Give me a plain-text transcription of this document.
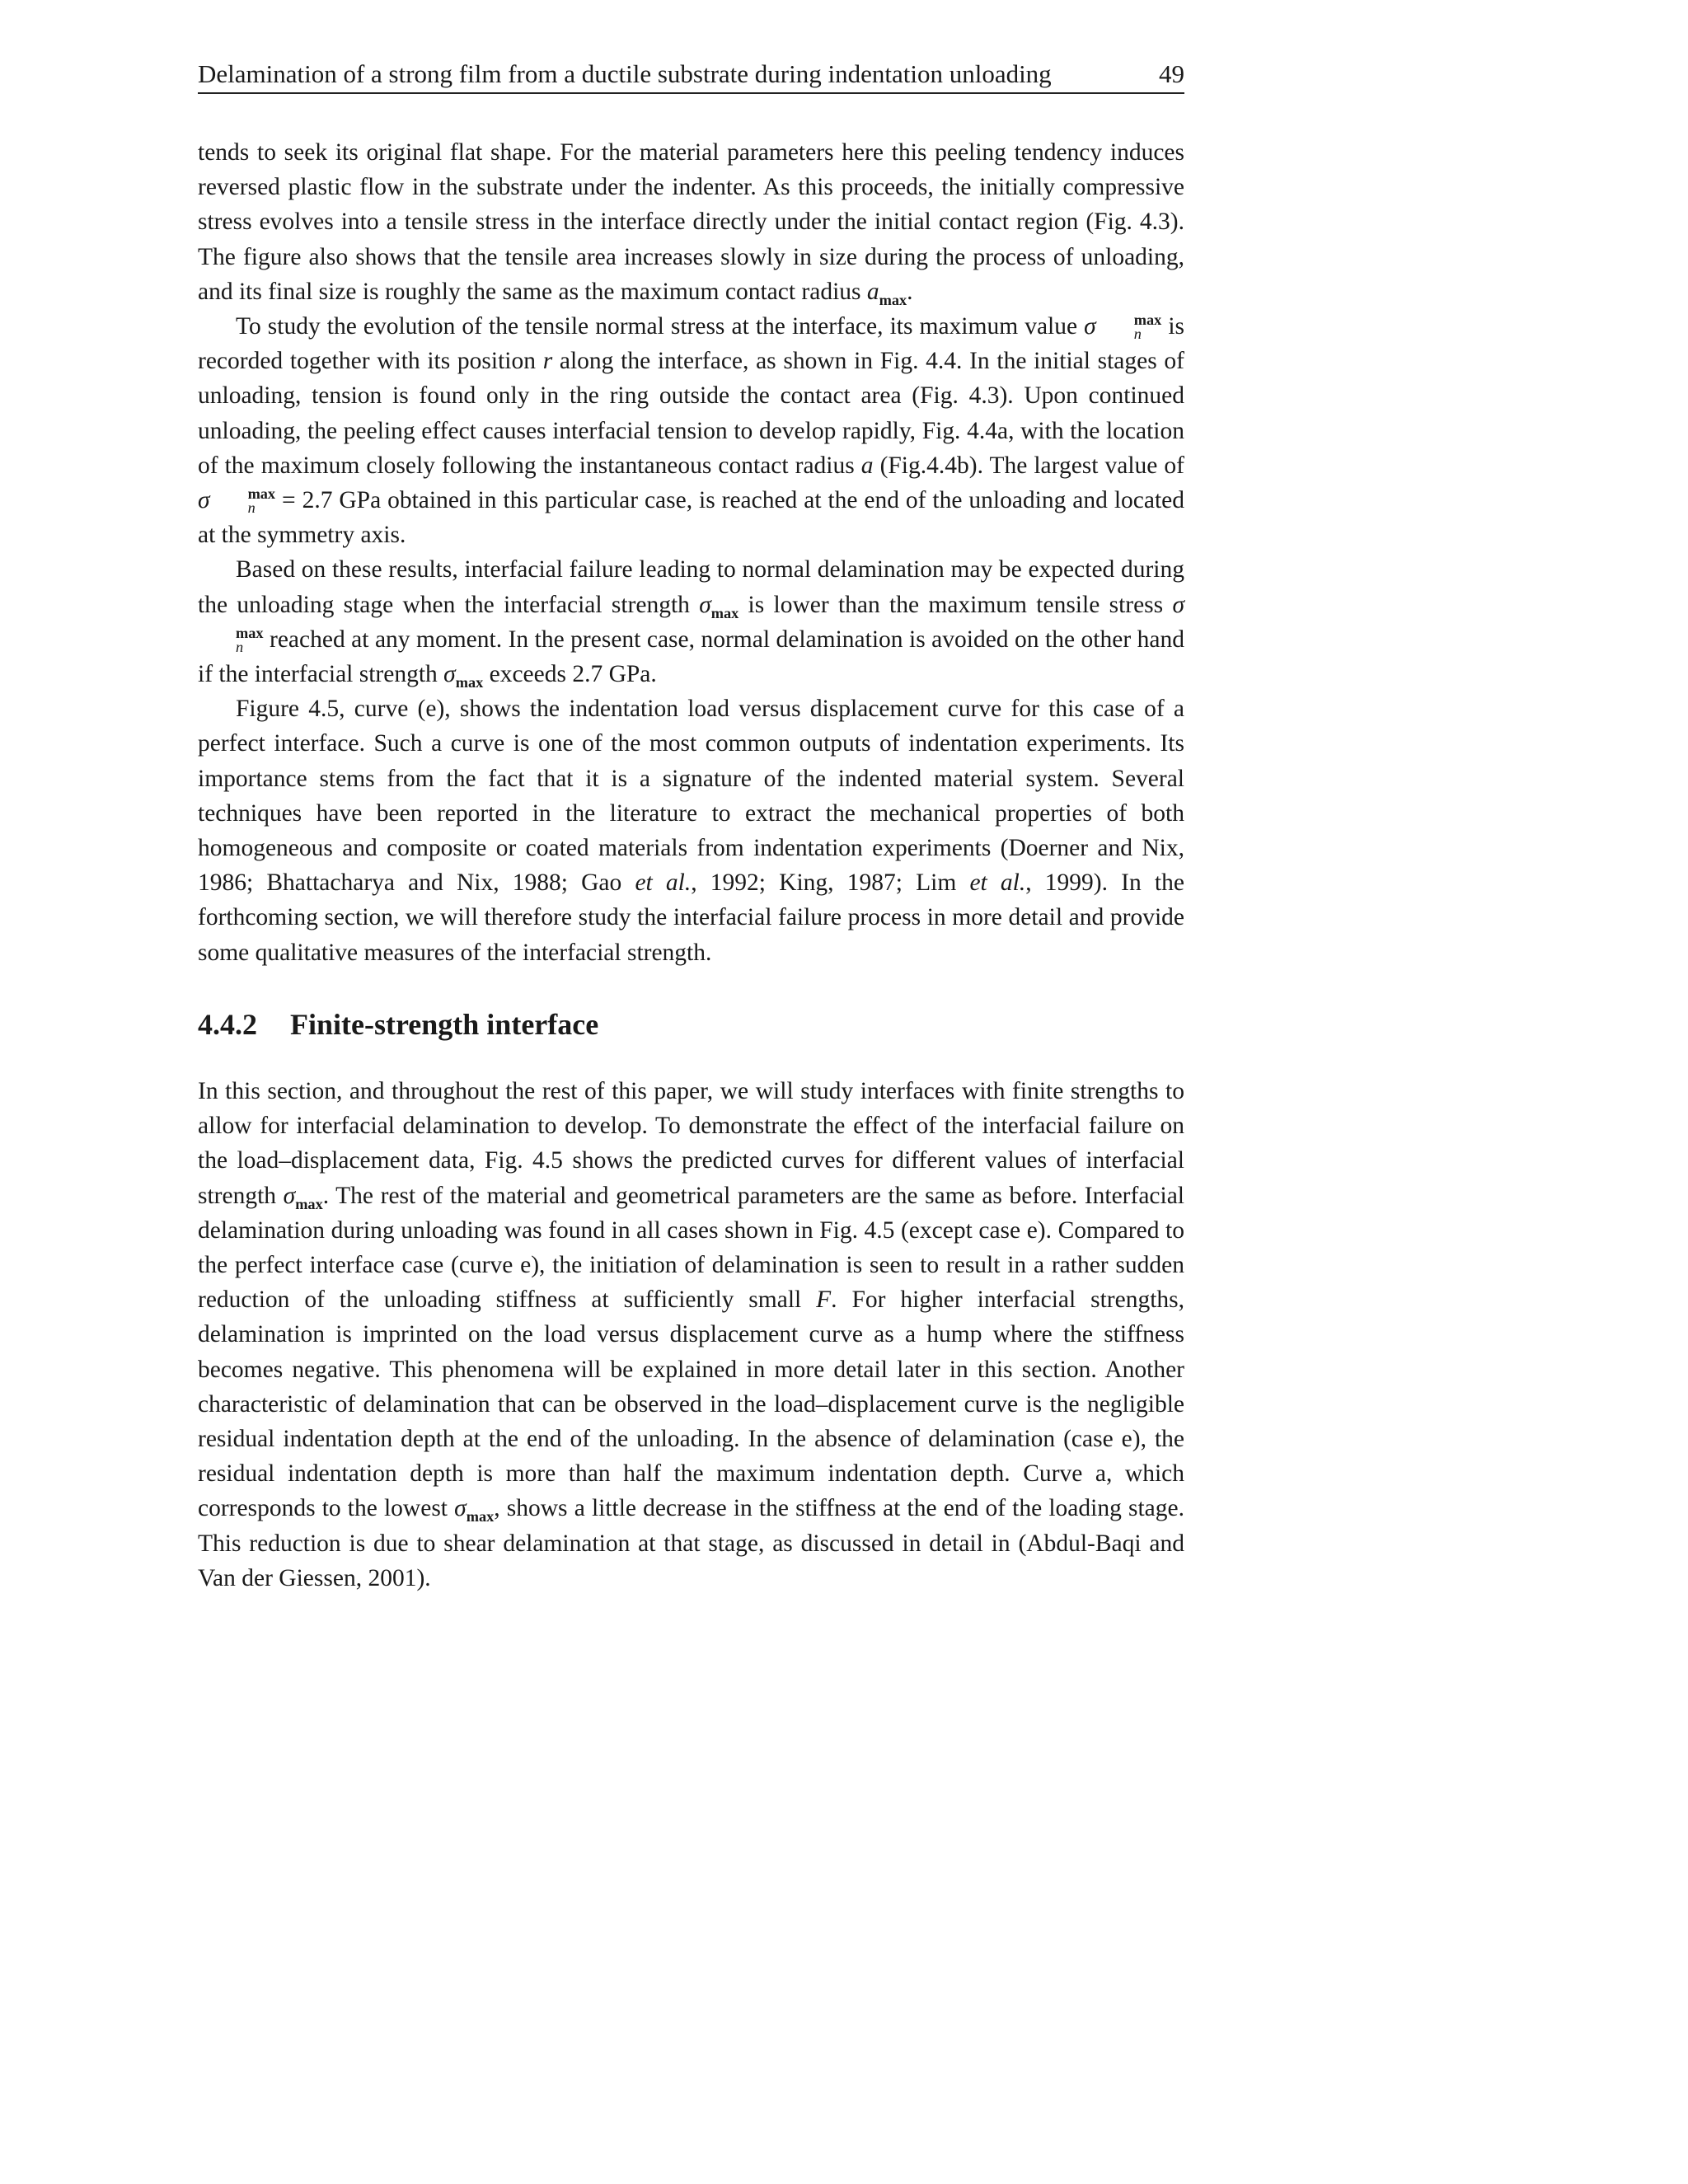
Delamination of a strong film from a ductile substrate during indentation unloading	49

tends to seek its original flat shape. For the material parameters here this peeling tendency induces reversed plastic flow in the substrate under the indenter. As this proceeds, the initially compressive stress evolves into a tensile stress in the interface directly under the initial contact region (Fig. 4.3). The figure also shows that the tensile area increases slowly in size during the process of unloading, and its final size is roughly the same as the maximum contact radius $a_{max}$.

To study the evolution of the tensile normal stress at the interface, its maximum value σ	max
n is recorded together with its position r along the interface, as shown in Fig. 4.4. In the initial stages of unloading, tension is found only in the ring outside the contact area (Fig. 4.3). Upon continued unloading, the peeling effect causes interfacial tension to develop rapidly, Fig. 4.4a, with the location of the maximum closely following the instantaneous contact radius a (Fig.4.4b). The largest value of σ	max
n = 2.7 GPa obtained in this particular case, is reached at the end of the unloading and located at the symmetry axis.

Based on these results, interfacial failure leading to normal delamination may be expected during the unloading stage when the interfacial strength $\sigma_{max}$ is lower than the maximum tensile stress σ
max
n reached at any moment. In the present case, normal delamination is avoided on the other hand if the interfacial strength $\sigma_{max}$ exceeds 2.7 GPa.

Figure 4.5, curve (e), shows the indentation load versus displacement curve for this case of a perfect interface. Such a curve is one of the most common outputs of indentation experiments. Its importance stems from the fact that it is a signature of the indented material system. Several techniques have been reported in the literature to extract the mechanical properties of both homogeneous and composite or coated materials from indentation experiments (Doerner and Nix, 1986; Bhattacharya and Nix, 1988; Gao et al., 1992; King, 1987; Lim et al., 1999). In the forthcoming section, we will therefore study the interfacial failure process in more detail and provide some qualitative measures of the interfacial strength.

4.4.2 Finite-strength interface

In this section, and throughout the rest of this paper, we will study interfaces with finite strengths to allow for interfacial delamination to develop. To demonstrate the effect of the interfacial failure on the load–displacement data, Fig. 4.5 shows the predicted curves for different values of interfacial strength $\sigma_{max}$. The rest of the material and geometrical parameters are the same as before. Interfacial delamination during unloading was found in all cases shown in Fig. 4.5 (except case e). Compared to the perfect interface case (curve e), the initiation of delamination is seen to result in a rather sudden reduction of the unloading stiffness at sufficiently small F. For higher interfacial strengths, delamination is imprinted on the load versus displacement curve as a hump where the stiffness becomes negative. This phenomena will be explained in more detail later in this section. Another characteristic of delamination that can be observed in the load–displacement curve is the negligible residual indentation depth at the end of the unloading. In the absence of delamination (case e), the residual indentation depth is more than half the maximum indentation depth. Curve a, which corresponds to the lowest $\sigma_{max}$, shows a little decrease in the stiffness at the end of the loading stage. This reduction is due to shear delamination at that stage, as discussed in detail in (Abdul-Baqi and Van der Giessen, 2001).
